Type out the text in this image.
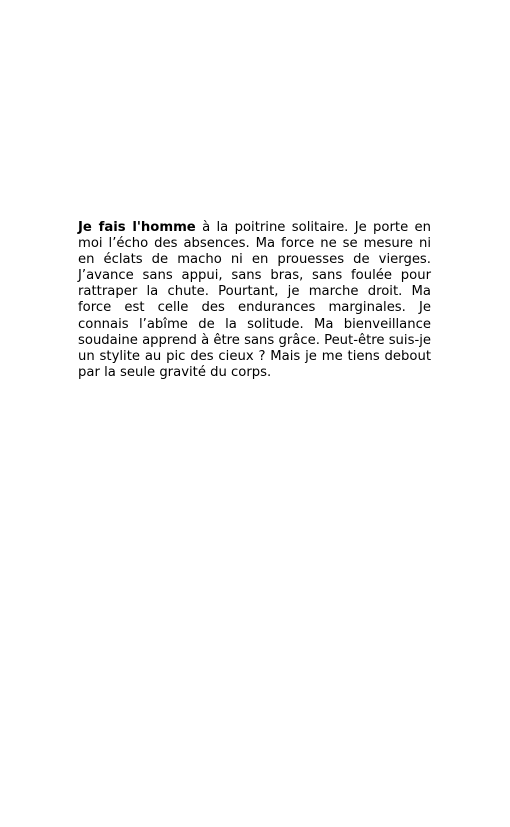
Je fais l'homme à la poitrine solitaire. Je porte en moi l’écho des absences. Ma force ne se mesure ni en éclats de macho ni en prouesses de vierges. J’avance sans appui, sans bras, sans foulée pour rattraper la chute. Pourtant, je marche droit. Ma force est celle des endurances marginales. Je connais l’abîme de la solitude. Ma bienveillance soudaine apprend à être sans grâce. Peut-être suis-je un stylite au pic des cieux ? Mais je me tiens debout par la seule gravité du corps.
